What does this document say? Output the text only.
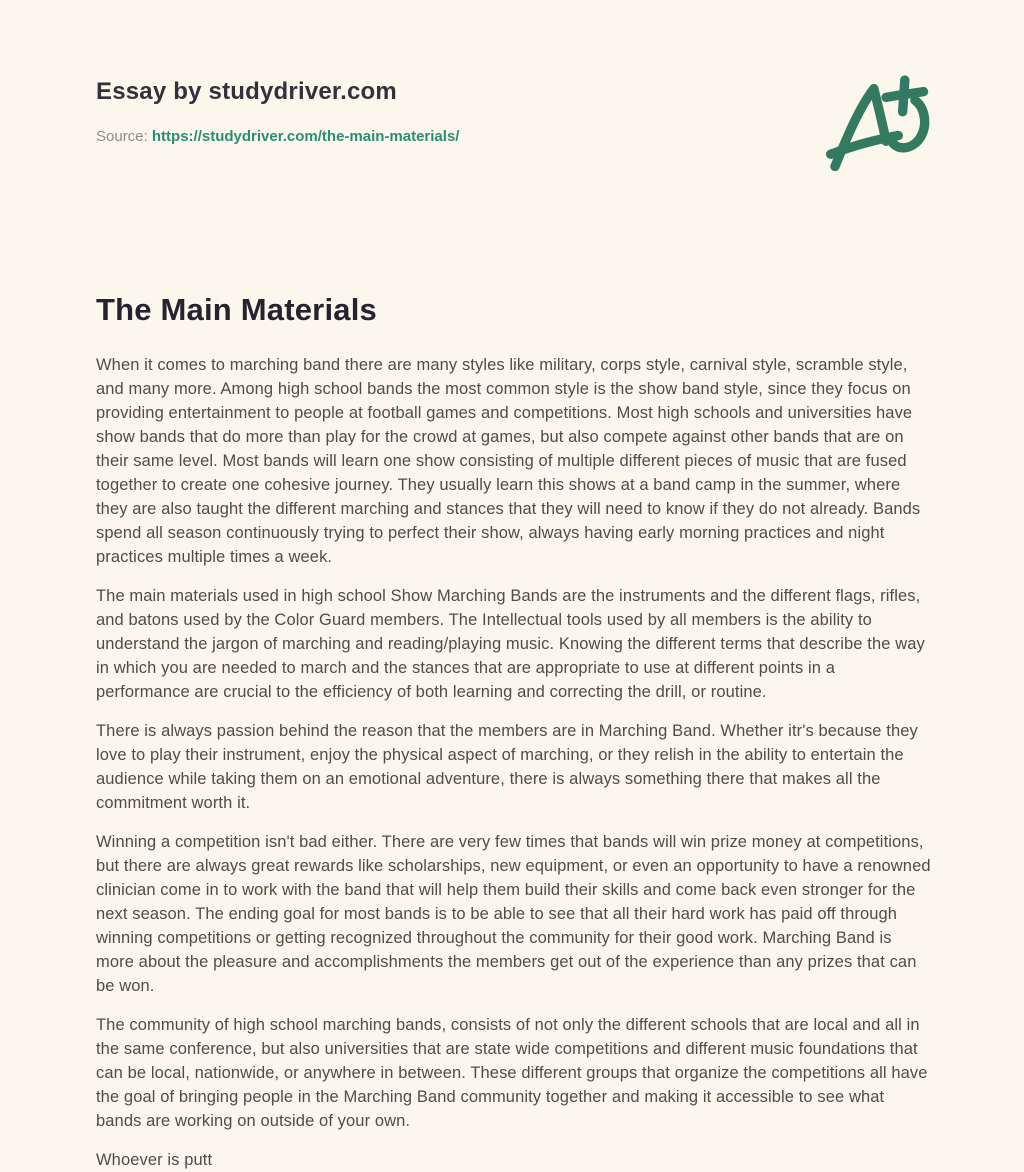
Essay by studydriver.com
Source: https://studydriver.com/the-main-materials/
The Main Materials

When it comes to marching band there are many styles like military, corps style, carnival style, scramble style, and many more. Among high school bands the most common style is the show band style, since they focus on providing entertainment to people at football games and competitions. Most high schools and universities have show bands that do more than play for the crowd at games, but also compete against other bands that are on their same level. Most bands will learn one show consisting of multiple different pieces of music that are fused together to create one cohesive journey. They usually learn this shows at a band camp in the summer, where they are also taught the different marching and stances that they will need to know if they do not already. Bands spend all season continuously trying to perfect their show, always having early morning practices and night practices multiple times a week.

The main materials used in high school Show Marching Bands are the instruments and the different flags, rifles, and batons used by the Color Guard members. The Intellectual tools used by all members is the ability to understand the jargon of marching and reading/playing music. Knowing the different terms that describe the way in which you are needed to march and the stances that are appropriate to use at different points in a performance are crucial to the efficiency of both learning and correcting the drill, or routine.

There is always passion behind the reason that the members are in Marching Band. Whether itr's because they love to play their instrument, enjoy the physical aspect of marching, or they relish in the ability to entertain the audience while taking them on an emotional adventure, there is always something there that makes all the commitment worth it.

Winning a competition isn't bad either. There are very few times that bands will win prize money at competitions, but there are always great rewards like scholarships, new equipment, or even an opportunity to have a renowned clinician come in to work with the band that will help them build their skills and come back even stronger for the next season. The ending goal for most bands is to be able to see that all their hard work has paid off through winning competitions or getting recognized throughout the community for their good work. Marching Band is more about the pleasure and accomplishments the members get out of the experience than any prizes that can be won.

The community of high school marching bands, consists of not only the different schools that are local and all in the same conference, but also universities that are state wide competitions and different music foundations that can be local, nationwide, or anywhere in between. These different groups that organize the competitions all have the goal of bringing people in the Marching Band community together and making it accessible to see what bands are working on outside of your own.

Whoever is putt
